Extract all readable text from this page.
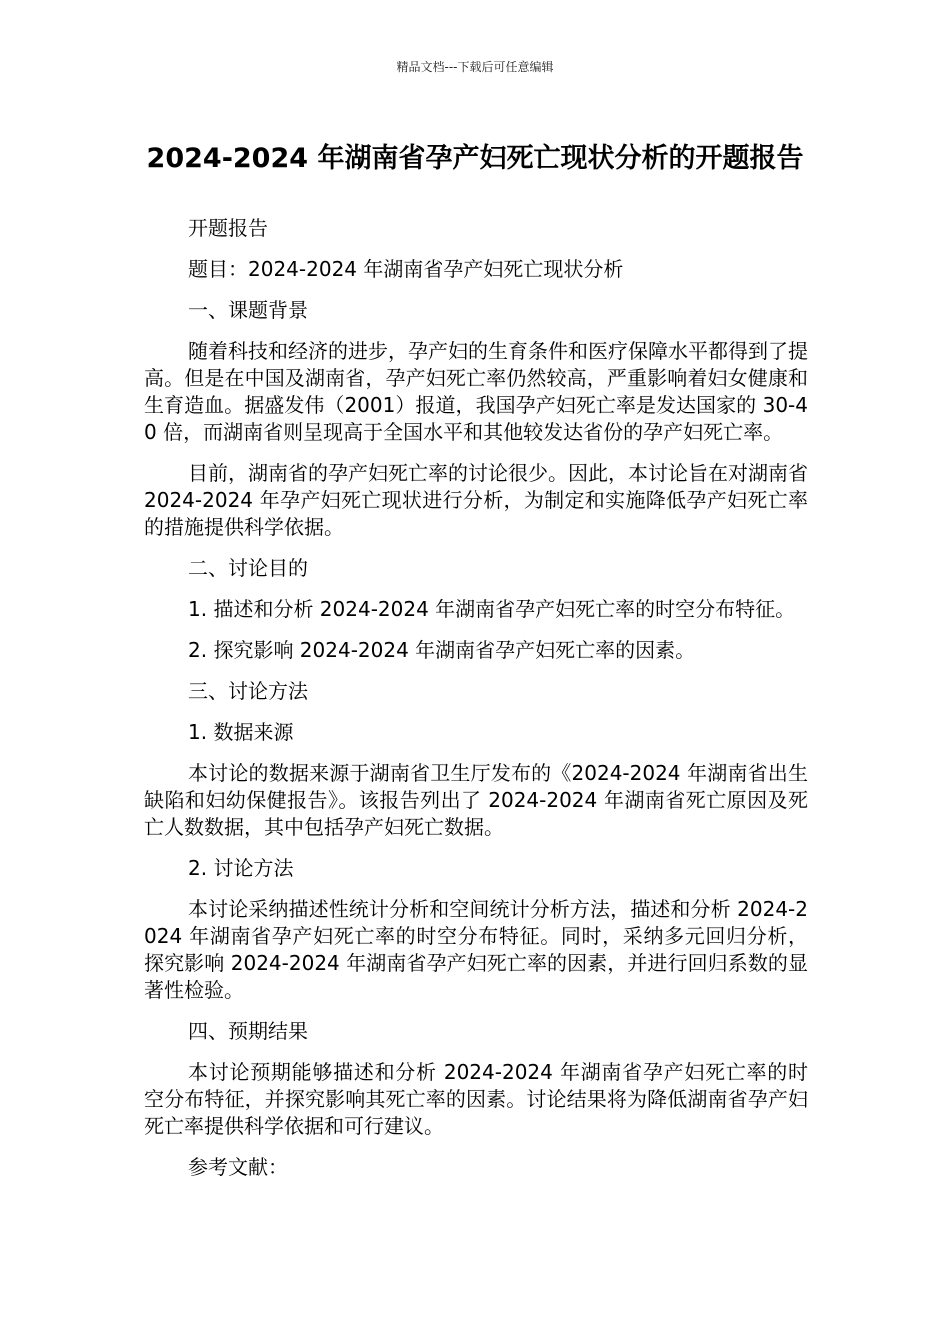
精品文档---下载后可任意编辑
2024-2024 年湖南省孕产妇死亡现状分析的开题报告

开题报告

题目：2024-2024 年湖南省孕产妇死亡现状分析

一、课题背景

随着科技和经济的进步，孕产妇的生育条件和医疗保障水平都得到了提高。但是在中国及湖南省，孕产妇死亡率仍然较高，严重影响着妇女健康和生育造血。据盛发伟（2001）报道，我国孕产妇死亡率是发达国家的 30-40 倍，而湖南省则呈现高于全国水平和其他较发达省份的孕产妇死亡率。

目前，湖南省的孕产妇死亡率的讨论很少。因此，本讨论旨在对湖南省 2024-2024 年孕产妇死亡现状进行分析，为制定和实施降低孕产妇死亡率的措施提供科学依据。

二、讨论目的

1. 描述和分析 2024-2024 年湖南省孕产妇死亡率的时空分布特征。

2. 探究影响 2024-2024 年湖南省孕产妇死亡率的因素。

三、讨论方法

1. 数据来源

本讨论的数据来源于湖南省卫生厅发布的《2024-2024 年湖南省出生缺陷和妇幼保健报告》。该报告列出了 2024-2024 年湖南省死亡原因及死亡人数数据，其中包括孕产妇死亡数据。

2. 讨论方法

本讨论采纳描述性统计分析和空间统计分析方法，描述和分析 2024-2024 年湖南省孕产妇死亡率的时空分布特征。同时，采纳多元回归分析，探究影响 2024-2024 年湖南省孕产妇死亡率的因素，并进行回归系数的显著性检验。

四、预期结果

本讨论预期能够描述和分析 2024-2024 年湖南省孕产妇死亡率的时空分布特征，并探究影响其死亡率的因素。讨论结果将为降低湖南省孕产妇死亡率提供科学依据和可行建议。

参考文献：
